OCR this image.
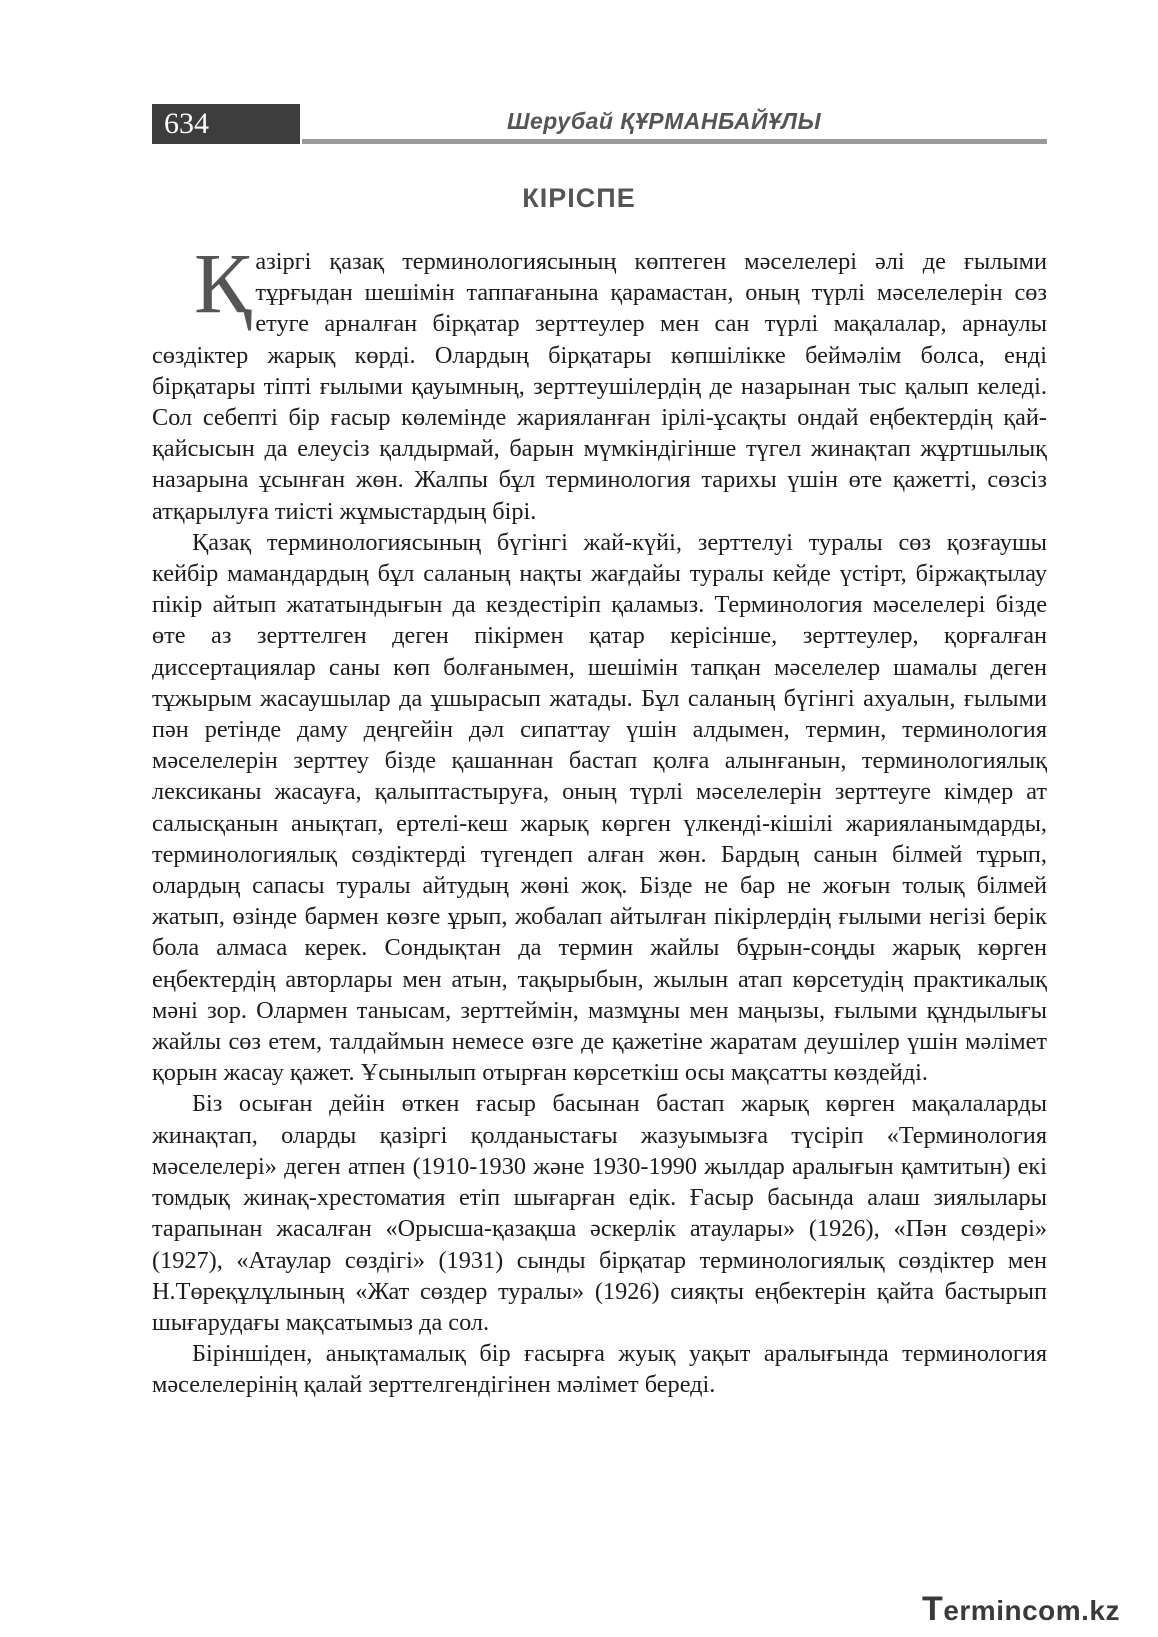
634	Шерубай ҚҰРМАНБАЙҰЛЫ
КІРІСПЕ

Қазіргі қазақ терминологиясының көптеген мәселелері әлі де ғылыми тұрғыдан шешімін таппағанына қарамастан, оның түрлі мәселелерін сөз етуге арналған бірқатар зерттеулер мен сан түрлі мақалалар, арнаулы сөздіктер жарық көрді. Олардың бірқатары көпшілікке беймәлім болса, енді бірқатары тіпті ғылыми қауымның, зерттеушілердің де назарынан тыс қалып келеді. Сол себепті бір ғасыр көлемінде жарияланған ірілі-ұсақты ондай еңбектердің қай-қайсысын да елеусіз қалдырмай, барын мүмкіндігінше түгел жинақтап жұртшылық назарына ұсынған жөн. Жалпы бұл терминология тарихы үшін өте қажетті, сөзсіз атқарылуға тиісті жұмыстардың бірі.

Қазақ терминологиясының бүгінгі жай-күйі, зерттелуі туралы сөз қозғаушы кейбір мамандардың бұл саланың нақты жағдайы туралы кейде үстірт, біржақтылау пікір айтып жататындығын да кездестіріп қаламыз. Терминология мәселелері бізде өте аз зерттелген деген пікірмен қатар керісінше, зерттеулер, қорғалған диссертациялар саны көп болғанымен, шешімін тапқан мәселелер шамалы деген тұжырым жасаушылар да ұшырасып жатады. Бұл саланың бүгінгі ахуалын, ғылыми пән ретінде даму деңгейін дәл сипаттау үшін алдымен, термин, терминология мәселелерін зерттеу бізде қашаннан бастап қолға алынғанын, терминологиялық лексиканы жасауға, қалыптастыруға, оның түрлі мәселелерін зерттеуге кімдер ат салысқанын анықтап, ертелі-кеш жарық көрген үлкенді-кішілі жарияланымдарды, терминологиялық сөздіктерді түгендеп алған жөн. Бардың санын білмей тұрып, олардың сапасы туралы айтудың жөні жоқ. Бізде не бар не жоғын толық білмей жатып, өзінде бармен көзге ұрып, жобалап айтылған пікірлердің ғылыми негізі берік бола алмаса керек. Сондықтан да термин жайлы бұрын-соңды жарық көрген еңбектердің авторлары мен атын, тақырыбын, жылын атап көрсетудің практикалық мәні зор. Олармен танысам, зерттеймін, мазмұны мен маңызы, ғылыми құндылығы жайлы сөз етем, талдаймын немесе өзге де қажетіне жаратам деушілер үшін мәлімет қорын жасау қажет. Ұсынылып отырған көрсеткіш осы мақсатты көздейді.

Біз осыған дейін өткен ғасыр басынан бастап жарық көрген мақалаларды жинақтап, оларды қазіргі қолданыстағы жазуымызға түсіріп «Терминология мәселелері» деген атпен (1910-1930 және 1930-1990 жылдар аралығын қамтитын) екі томдық жинақ-хрестоматия етіп шығарған едік. Ғасыр басында алаш зиялылары тарапынан жасалған «Орысша-қазақша әскерлік атаулары» (1926), «Пән сөздері» (1927), «Атаулар сөздігі» (1931) сынды бірқатар терминологиялық сөздіктер мен Н.Төреқұлұлының «Жат сөздер туралы» (1926) сияқты еңбектерін қайта бастырып шығарудағы мақсатымыз да сол.

Біріншіден, анықтамалық бір ғасырға жуық уақыт аралығында терминология мәселелерінің қалай зерттелгендігінен мәлімет береді.

Termincom.kz
